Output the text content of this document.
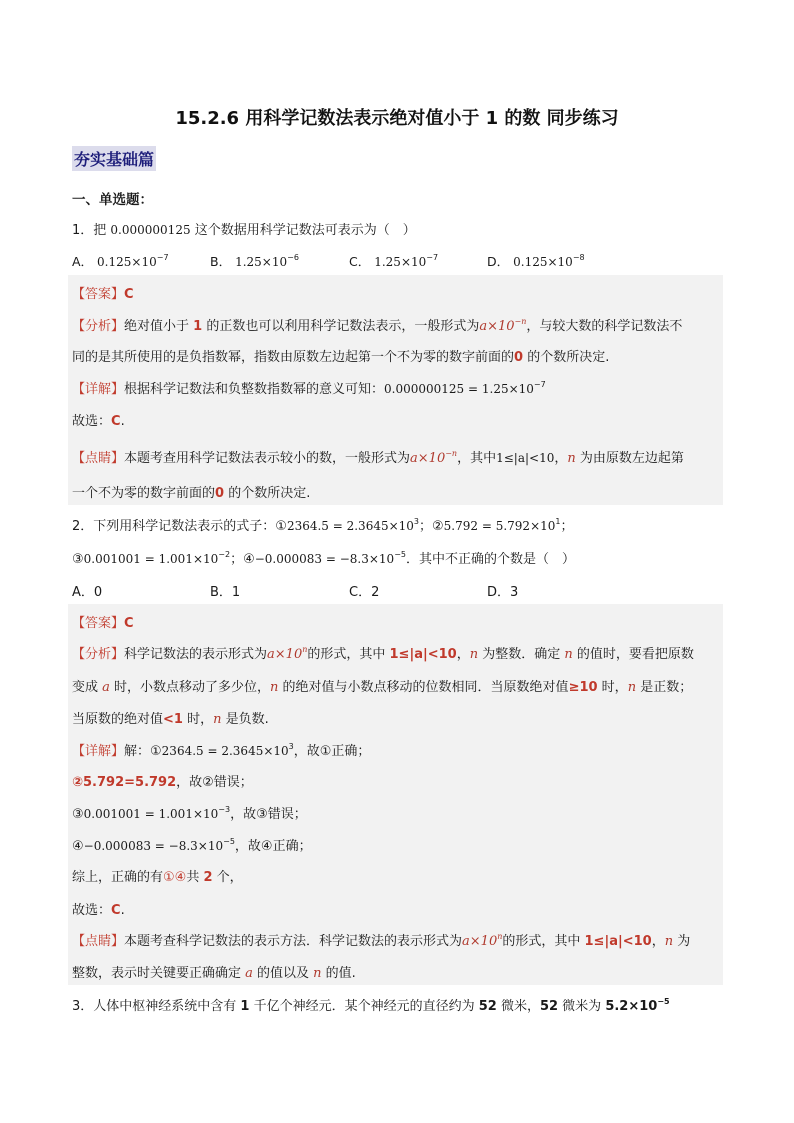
15.2.6 用科学记数法表示绝对值小于 1 的数 同步练习
夯实基础篇
一、单选题：
1．把 0.000000125 这个数据用科学记数法可表示为（　）
A． $0.125\times 10^{-7}$	B． $1.25\times 10^{-6}$	C． $1.25\times 10^{-7}$	D． $0.125\times 10^{-8}$
【答案】C
【分析】绝对值小于 1 的正数也可以利用科学记数法表示，一般形式为$a\times 10^{-n}$，与较大数的科学记数法不
同的是其所使用的是负指数幂，指数由原数左边起第一个不为零的数字前面的0 的个数所决定.
【详解】根据科学记数法和负整数指数幂的意义可知：$0.000000125 = 1.25\times 10^{-7}$
故选：C.
【点睛】本题考查用科学记数法表示较小的数，一般形式为$a\times 10^{-n}$，其中1≤|a|<10，n 为由原数左边起第
一个不为零的数字前面的0 的个数所决定.
2．下列用科学记数法表示的式子：①2364.5 = $2.3645\times 10^3$；②5.792 = $5.792\times 10^1$；
③0.001001 = $1.001\times 10^{-2}$；④−0.000083 = $-8.3\times 10^{-5}$．其中不正确的个数是（　）
A．0	B．1	C．2	D．3
【答案】C
【分析】科学记数法的表示形式为$a\times 10^n$的形式，其中 1≤|a|<10，n 为整数．确定 n 的值时，要看把原数
变成 a 时，小数点移动了多少位，n 的绝对值与小数点移动的位数相同．当原数绝对值≥10 时，n 是正数；
当原数的绝对值<1 时，n 是负数.
【详解】解：①2364.5 = $2.3645\times 10^3$，故①正确；
②5.792=5.792，故②错误；
③0.001001 = $1.001\times 10^{-3}$，故③错误；
④−0.000083 = $-8.3\times 10^{-5}$，故④正确；
综上，正确的有①④共 2 个，
故选：C.
【点睛】本题考查科学记数法的表示方法．科学记数法的表示形式为$a\times 10^n$的形式，其中 1≤|a|<10，n 为
整数，表示时关键要正确确定 a 的值以及 n 的值.
3．人体中枢神经系统中含有 1 千亿个神经元．某个神经元的直径约为 52 微米，52 微米为 $5.2\times 10^{-5}$
